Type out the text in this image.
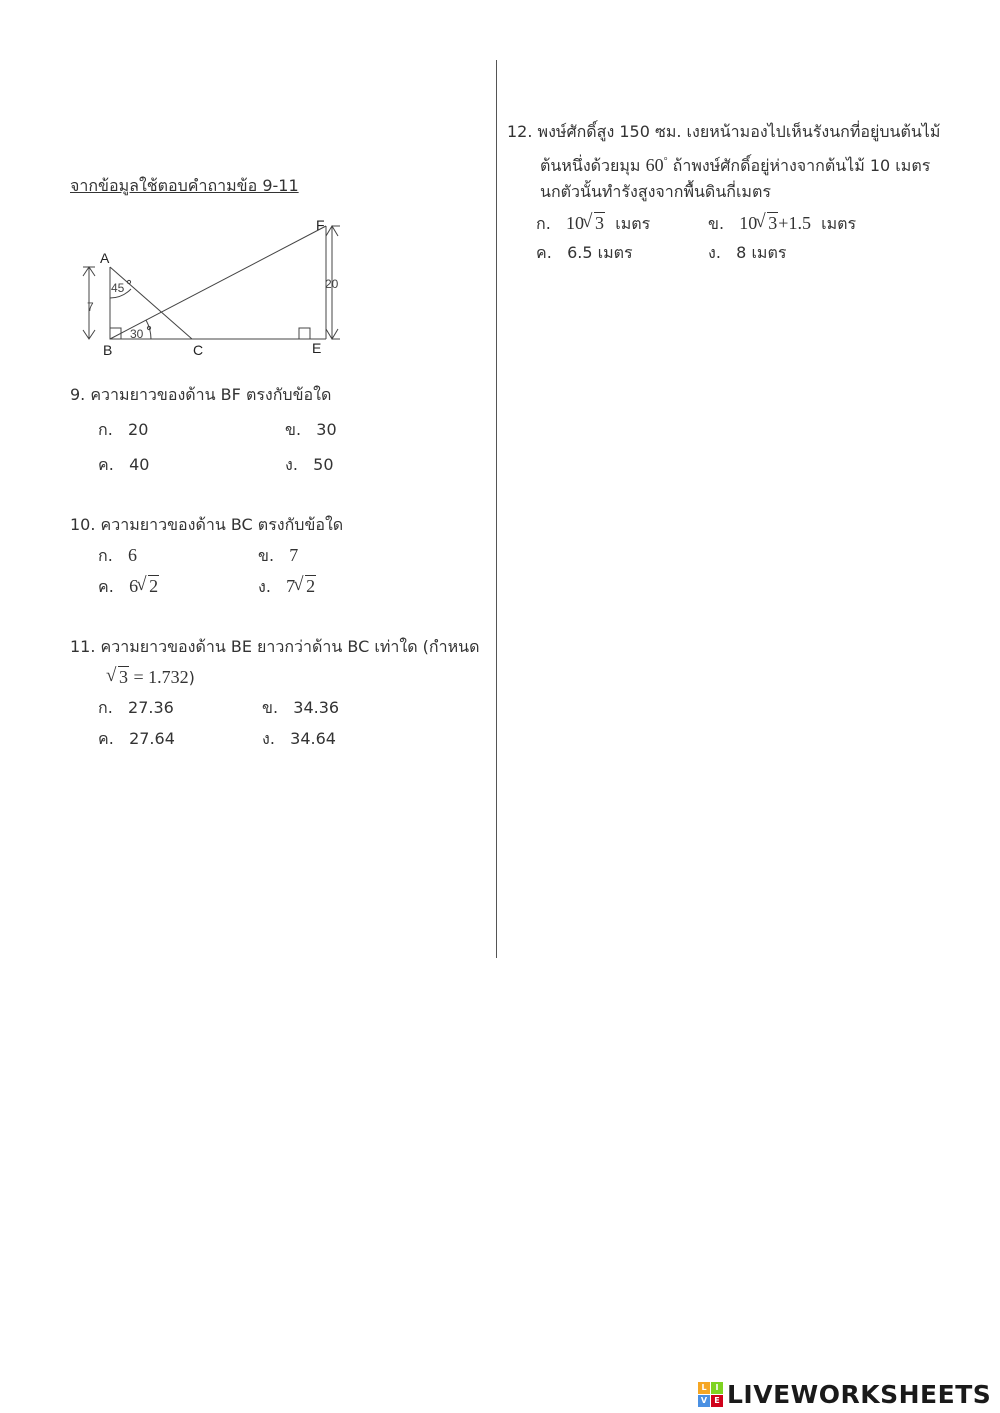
จากข้อมูลใช้ตอบคำถามข้อ 9-11
A
B	C	E
F
45
30
7
20
9. ความยาวของด้าน BF ตรงกับข้อใด
ก. 20	ข. 30
ค. 40	ง. 50
10. ความยาวของด้าน BC ตรงกับข้อใด
ก. 6	ข. 7
ค. 6 √ 2	ง. 7 √ 2
11. ความยาวของด้าน BE ยาวกว่าด้าน BC เท่าใด (กำหนด
√ 3 = 1.732)
ก. 27.36	ข. 34.36
ค. 27.64	ง. 34.64
12. พงษ์ศักดิ์สูง 150 ซม. เงยหน้ามองไปเห็นรังนกที่อยู่บนต้นไม้
ต้นหนึ่งด้วยมุม 60° ถ้าพงษ์ศักดิ์อยู่ห่างจากต้นไม้ 10 เมตร
นกตัวนั้นทำรังสูงจากพื้นดินกี่เมตร
ก. 10 √ 3 เมตร	ข. 10 √ 3+1.5 เมตร
ค. 6.5 เมตร	ง. 8 เมตร
L	I
V E LIVEWORKSHEETS
